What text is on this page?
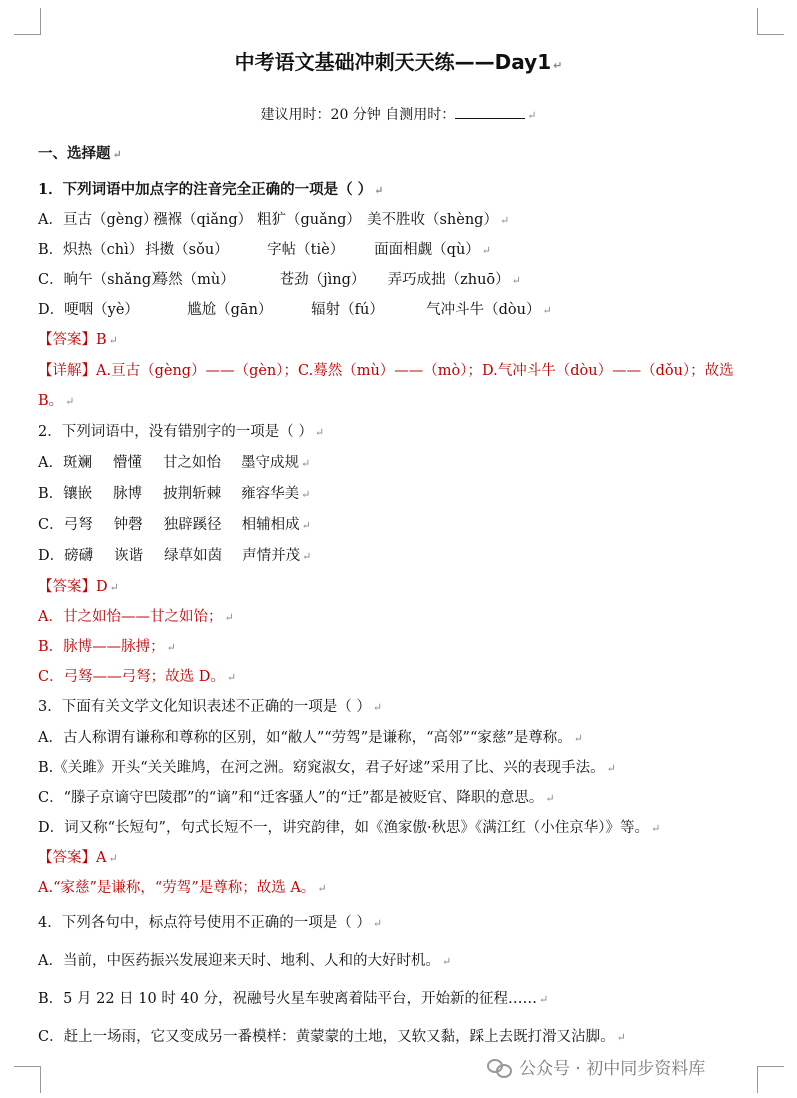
中考语文基础冲刺天天练——Day1 ↵
建议用时：20 分钟 自测用时：	↵
一、选择题 ↵
1．下列词语中加点字的注音完全正确的一项是（ ） ↵
A．亘古（gèng）襁褓（qiǎng） 粗犷（guǎng） 美不胜收（shèng） ↵
B．炽热（chì） 抖擞（sǒu）	字帖（tiè） 面面相觑（qù） ↵
C．晌午（shǎng）蓦然（mù）	苍劲（jìng） 弄巧成拙（zhuō） ↵
D．哽咽（yè）	尴尬（gān）	辐射（fú）	气冲斗牛（dòu） ↵
【答案】B ↵
【详解】A.亘古（gèng）——（gèn）；C.蓦然（mù）——（mò）；D.气冲斗牛（dòu）——（dǒu）；故选
B。 ↵
2．下列词语中，没有错别字的一项是（ ） ↵
A．斑斓 懵懂 甘之如怡 墨守成规 ↵
B．镶嵌 脉博 披荆斩棘 雍容华美 ↵
C．弓弩 钟磬 独辟蹊径 相辅相成 ↵
D．磅礴 诙谐 绿草如茵 声情并茂 ↵
【答案】D ↵
A．甘之如怡——甘之如饴； ↵
B．脉博——脉搏； ↵
C．弓驽——弓弩；故选 D。 ↵
3．下面有关文学文化知识表述不正确的一项是（ ） ↵
A．古人称谓有谦称和尊称的区别，如“敝人”“劳驾”是谦称，“高邻”“家慈”是尊称。 ↵
B.《关雎》开头“关关雎鸠，在河之洲。窈窕淑女，君子好逑”采用了比、兴的表现手法。 ↵
C．“滕子京谪守巴陵郡”的“谪”和“迁客骚人”的“迁”都是被贬官、降职的意思。 ↵
D．词又称“长短句”，句式长短不一，讲究韵律，如《渔家傲·秋思》《满江红（小住京华）》等。 ↵
【答案】A ↵
A.“家慈”是谦称，“劳驾”是尊称；故选 A。 ↵
4．下列各句中，标点符号使用不正确的一项是（ ） ↵
A．当前，中医药振兴发展迎来天时、地利、人和的大好时机。 ↵
B．5 月 22 日 10 时 40 分，祝融号火星车驶离着陆平台，开始新的征程…… ↵
C．赶上一场雨，它又变成另一番模样：黄蒙蒙的土地，又软又黏，踩上去既打滑又沾脚。 ↵
公众号 · 初中同步资料库
